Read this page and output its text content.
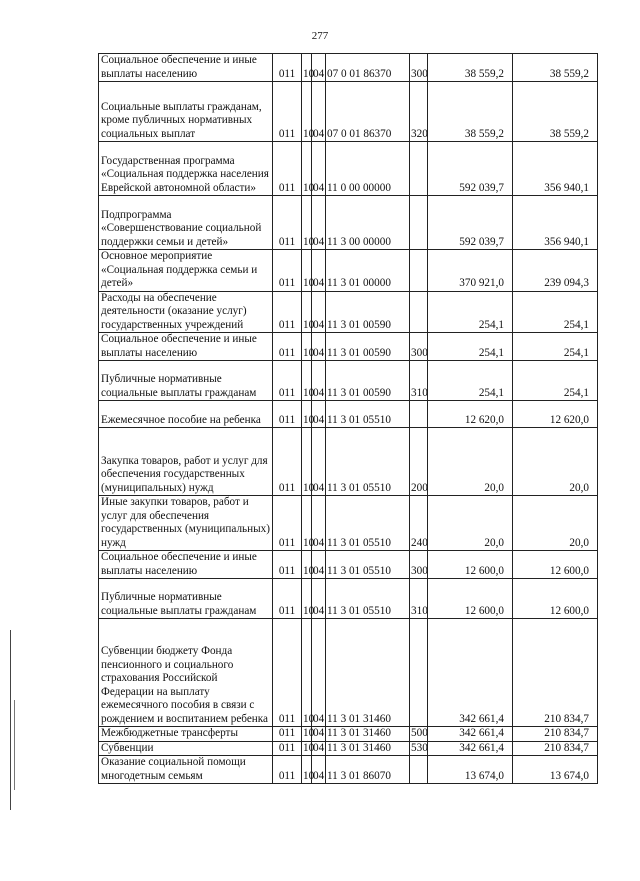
277
Социальное обеспечение и иные выплаты населению	011	10	04	07 0 01 86370	300	38 559,2	38 559,2
Социальные выплаты гражданам, кроме публичных нормативных социальных выплат	011	10	04	07 0 01 86370	320	38 559,2	38 559,2
Государственная программа «Социальная поддержка населения Еврейской автономной области»	011	10	04	11 0 00 00000		592 039,7	356 940,1
Подпрограмма «Совершенствование социальной поддержки семьи и детей»	011	10	04	11 3 00 00000		592 039,7	356 940,1
Основное мероприятие «Социальная поддержка семьи и детей»	011	10	04	11 3 01 00000		370 921,0	239 094,3
Расходы на обеспечение деятельности (оказание услуг) государственных учреждений	011	10	04	11 3 01 00590		254,1	254,1
Социальное обеспечение и иные выплаты населению	011	10	04	11 3 01 00590	300	254,1	254,1
Публичные нормативные социальные выплаты гражданам	011	10	04	11 3 01 00590	310	254,1	254,1
Ежемесячное пособие на ребенка	011	10	04	11 3 01 05510		12 620,0	12 620,0
Закупка товаров, работ и услуг для обеспечения государственных (муниципальных) нужд	011	10	04	11 3 01 05510	200	20,0	20,0
Иные закупки товаров, работ и услуг для обеспечения государственных (муниципальных) нужд	011	10	04	11 3 01 05510	240	20,0	20,0
Социальное обеспечение и иные выплаты населению	011	10	04	11 3 01 05510	300	12 600,0	12 600,0
Публичные нормативные социальные выплаты гражданам	011	10	04	11 3 01 05510	310	12 600,0	12 600,0
Субвенции бюджету Фонда пенсионного и социального страхования Российской Федерации на выплату ежемесячного пособия в связи с рождением и воспитанием ребенка	011	10	04	11 3 01 31460		342 661,4	210 834,7
Межбюджетные трансферты	011	10	04	11 3 01 31460	500	342 661,4	210 834,7
Субвенции	011	10	04	11 3 01 31460	530	342 661,4	210 834,7
Оказание социальной помощи многодетным семьям	011	10	04	11 3 01 86070		13 674,0	13 674,0
